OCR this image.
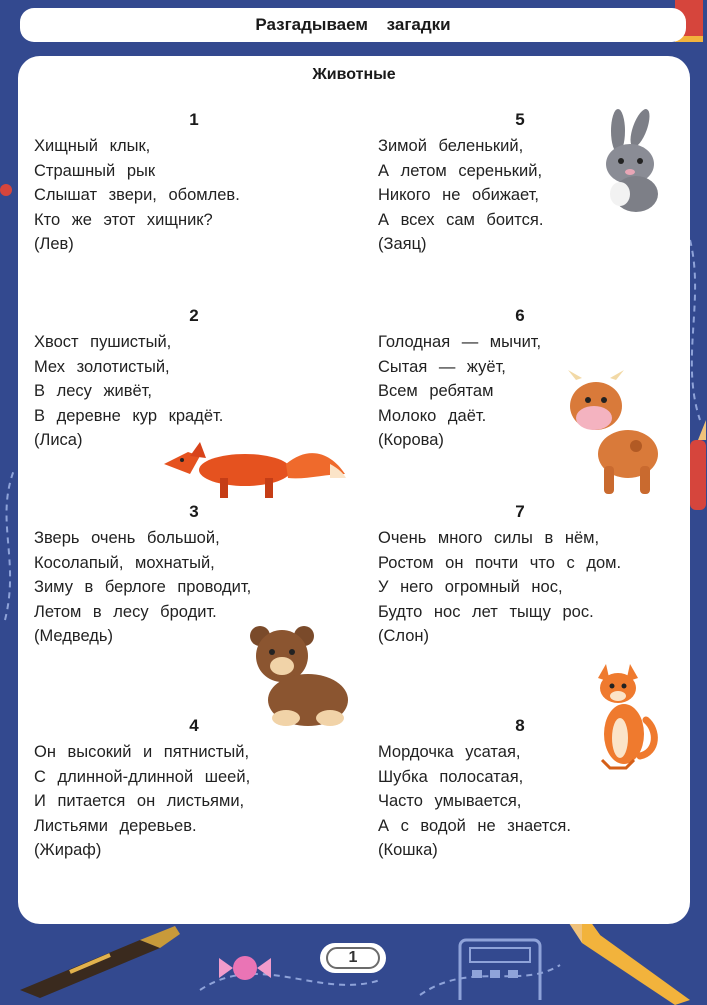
Разгадываем загадки
Животные
1
Хищный клык,
Страшный рык
Слышат звери, обомлев.
Кто же этот хищник?
(Лев)
2
Хвост пушистый,
Мех золотистый,
В лесу живёт,
В деревне кур крадёт.
(Лиса)
3
Зверь очень большой,
Косолапый, мохнатый,
Зиму в берлоге проводит,
Летом в лесу бродит.
(Медведь)
4
Он высокий и пятнистый,
С длинной-длинной шеей,
И питается он листьями,
Листьями деревьев.
(Жираф)
5
Зимой беленький,
А летом серенький,
Никого не обижает,
А всех сам боится.
(Заяц)
6
Голодная — мычит,
Сытая — жуёт,
Всем ребятам
Молоко даёт.
(Корова)
7
Очень много силы в нём,
Ростом он почти что с дом.
У него огромный нос,
Будто нос лет тыщу рос.
(Слон)
8
Мордочка усатая,
Шубка полосатая,
Часто умывается,
А с водой не знается.
(Кошка)
1
